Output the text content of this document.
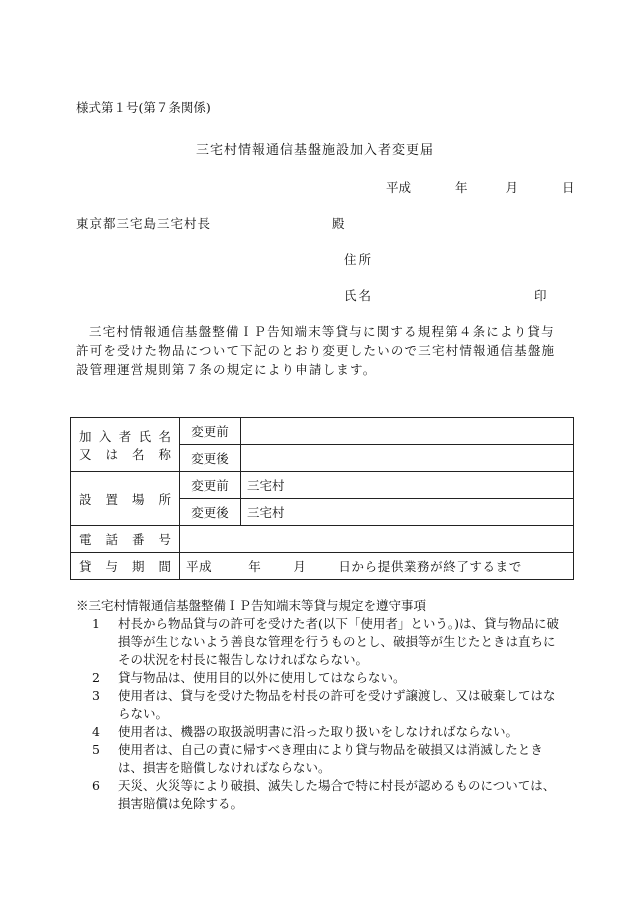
様式第１号(第７条関係)
三宅村情報通信基盤施設加入者変更届
平成	年	月	日
東京都三宅島三宅村長	殿
住所
氏名	印
三宅村情報通信基盤整備ＩＰ告知端末等貸与に関する規程第４条により貸与許可を受けた物品について下記のとおり変更したいので三宅村情報通信基盤施設管理運営規則第７条の規定により申請します。
加入者氏名
又は名称	変更前	
	変更後	
設置場所	変更前	三宅村
	変更後	三宅村
電話番号		
貸与期間	平成 年 月 日から提供業務が終了するまで	

※三宅村情報通信基盤整備ＩＰ告知端末等貸与規定を遵守事項

1	村長から物品貸与の許可を受けた者(以下「使用者」という。)は、貸与物品に破損等が生じないよう善良な管理を行うものとし、破損等が生じたときは直ちにその状況を村長に報告しなければならない。
2	貸与物品は、使用目的以外に使用してはならない。
3	使用者は、貸与を受けた物品を村長の許可を受けず譲渡し、又は破棄してはならない。
4	使用者は、機器の取扱説明書に沿った取り扱いをしなければならない。
5	使用者は、自己の責に帰すべき理由により貸与物品を破損又は消滅したときは、損害を賠償しなければならない。
6	天災、火災等により破損、滅失した場合で特に村長が認めるものについては、損害賠償は免除する。
